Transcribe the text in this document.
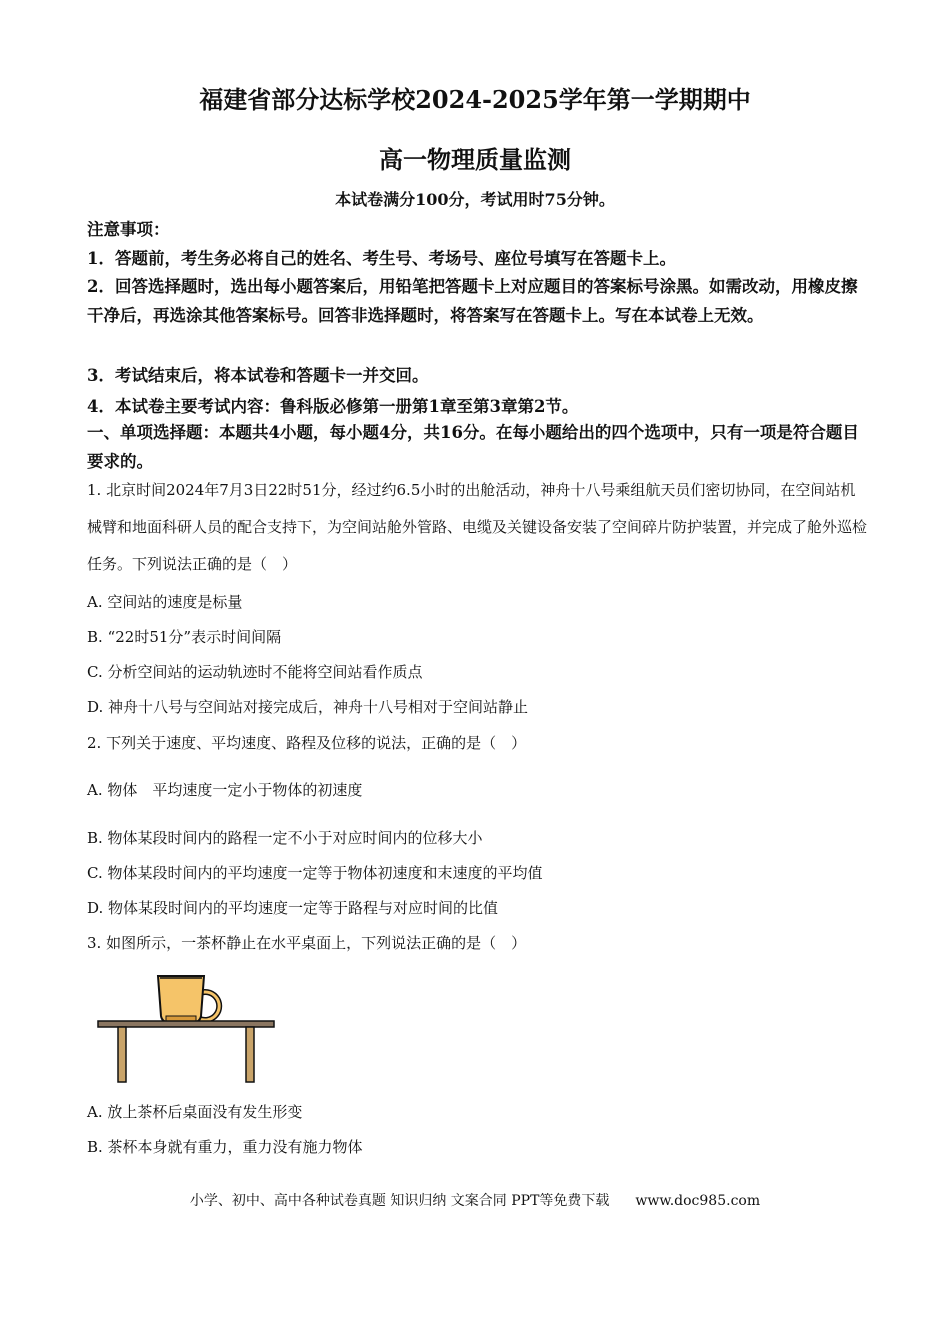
福建省部分达标学校2024-2025学年第一学期期中
高一物理质量监测
本试卷满分100分，考试用时75分钟。
注意事项：
1．答题前，考生务必将自己的姓名、考生号、考场号、座位号填写在答题卡上。
2．回答选择题时，选出每小题答案后，用铅笔把答题卡上对应题目的答案标号涂黑。如需改动，用橡皮擦干净后，再选涂其他答案标号。回答非选择题时，将答案写在答题卡上。写在本试卷上无效。
3．考试结束后，将本试卷和答题卡一并交回。
4．本试卷主要考试内容：鲁科版必修第一册第1章至第3章第2节。
一、单项选择题：本题共4小题，每小题4分，共16分。在每小题给出的四个选项中，只有一项是符合题目要求的。
1. 北京时间2024年7月3日22时51分，经过约6.5小时的出舱活动，神舟十八号乘组航天员们密切协同，在空间站机械臂和地面科研人员的配合支持下，为空间站舱外管路、电缆及关键设备安装了空间碎片防护装置，并完成了舱外巡检任务。下列说法正确的是（　）
A. 空间站的速度是标量
B. “22时51分”表示时间间隔
C. 分析空间站的运动轨迹时不能将空间站看作质点
D. 神舟十八号与空间站对接完成后，神舟十八号相对于空间站静止
2. 下列关于速度、平均速度、路程及位移的说法，正确的是（　）
A. 物体　平均速度一定小于物体的初速度
B. 物体某段时间内的路程一定不小于对应时间内的位移大小
C. 物体某段时间内的平均速度一定等于物体初速度和末速度的平均值
D. 物体某段时间内的平均速度一定等于路程与对应时间的比值
3. 如图所示，一茶杯静止在水平桌面上，下列说法正确的是（　）
A. 放上茶杯后桌面没有发生形变
B. 茶杯本身就有重力，重力没有施力物体
小学、初中、高中各种试卷真题 知识归纳 文案合同 PPT等免费下载 www.doc985.com
